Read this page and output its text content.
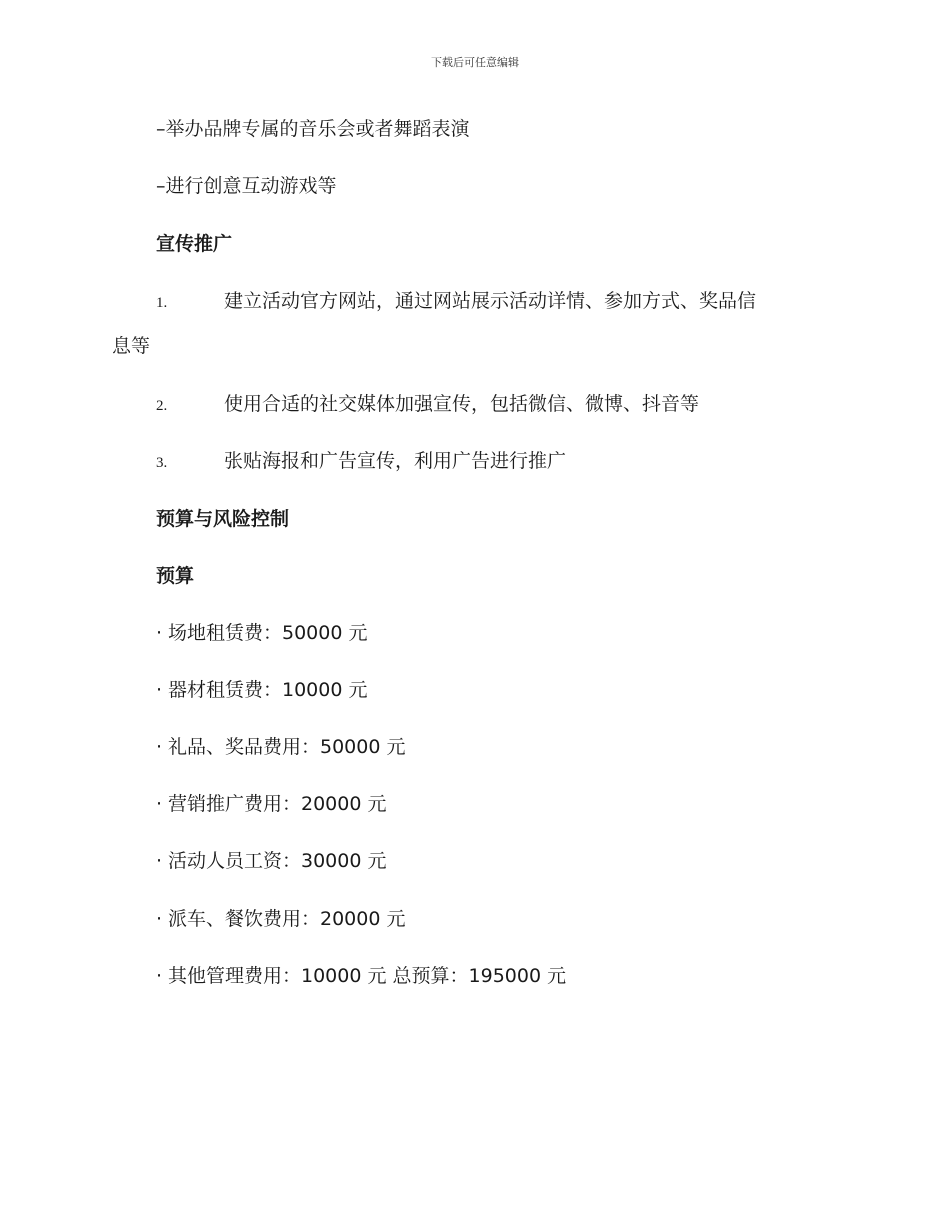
下载后可任意编辑
–举办品牌专属的音乐会或者舞蹈表演
–进行创意互动游戏等
宣传推广
1.	建立活动官方网站，通过网站展示活动详情、参加方式、奖品信
息等
2.	使用合适的社交媒体加强宣传，包括微信、微博、抖音等
3.	张贴海报和广告宣传，利用广告进行推广
预算与风险控制
预算
· 场地租赁费：50000 元
· 器材租赁费：10000 元
· 礼品、奖品费用：50000 元
· 营销推广费用：20000 元
· 活动人员工资：30000 元
· 派车、餐饮费用：20000 元
· 其他管理费用：10000 元 总预算：195000 元
